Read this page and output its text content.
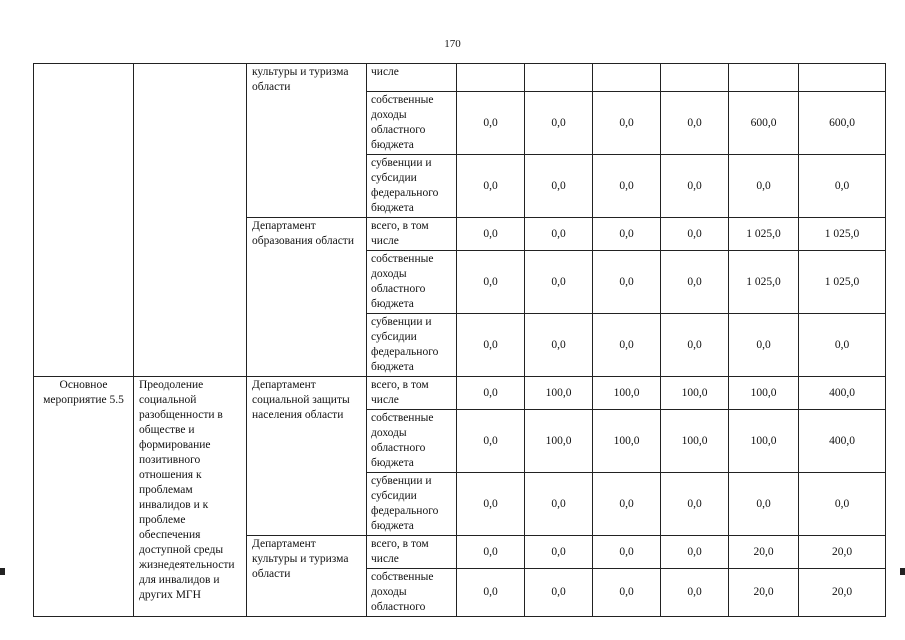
170
		культуры и туризма области	числе						
			собственные доходы областного бюджета	0,0	0,0	0,0	0,0	600,0	600,0
			субвенции и субсидии федерального бюджета	0,0	0,0	0,0	0,0	0,0	0,0
		Департамент образования области	всего, в том числе	0,0	0,0	0,0	0,0	1 025,0	1 025,0
			собственные доходы областного бюджета	0,0	0,0	0,0	0,0	1 025,0	1 025,0
			субвенции и субсидии федерального бюджета	0,0	0,0	0,0	0,0	0,0	0,0
Основное мероприятие 5.5	Преодоление социальной разобщенности в обществе и формирование позитивного отношения к проблемам инвалидов и к проблеме обеспечения доступной среды жизнедеятельности для инвалидов и других МГН	Департамент социальной защиты населения области	всего, в том числе	0,0	100,0	100,0	100,0	100,0	400,0
			собственные доходы областного бюджета	0,0	100,0	100,0	100,0	100,0	400,0
			субвенции и субсидии федерального бюджета	0,0	0,0	0,0	0,0	0,0	0,0
		Департамент культуры и туризма области	всего, в том числе	0,0	0,0	0,0	0,0	20,0	20,0
			собственные доходы областного	0,0	0,0	0,0	0,0	20,0	20,0
